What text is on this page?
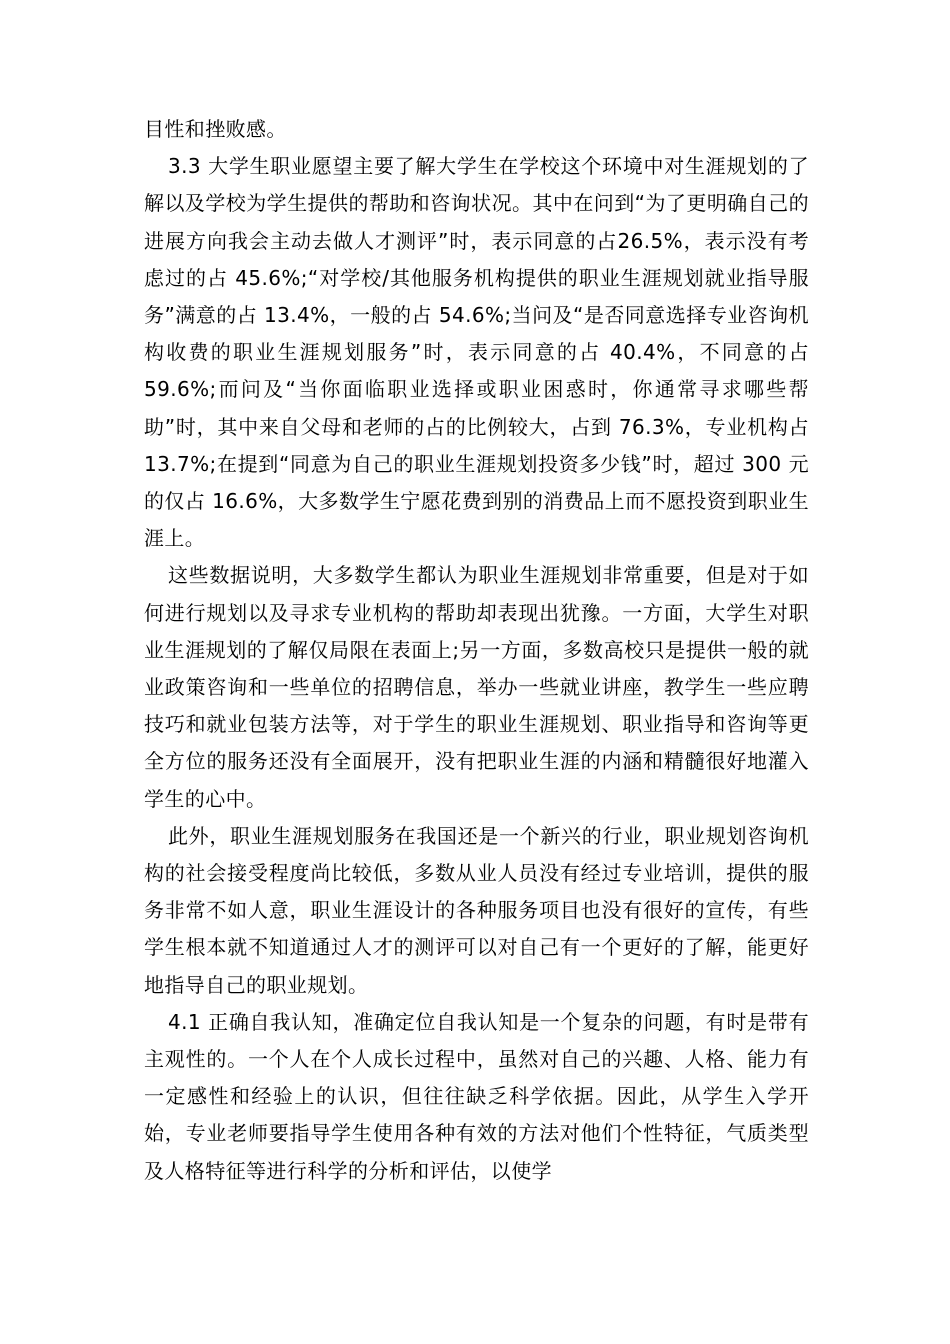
目性和挫败感。

3.3 大学生职业愿望主要了解大学生在学校这个环境中对生涯规划的了解以及学校为学生提供的帮助和咨询状况。其中在问到“为了更明确自己的进展方向我会主动去做人才测评”时，表示同意的占26.5%，表示没有考虑过的占 45.6%;“对学校/其他服务机构提供的职业生涯规划就业指导服务”满意的占 13.4%，一般的占 54.6%;当问及“是否同意选择专业咨询机构收费的职业生涯规划服务”时，表示同意的占 40.4%，不同意的占 59.6%;而问及“当你面临职业选择或职业困惑时，你通常寻求哪些帮助”时，其中来自父母和老师的占的比例较大，占到 76.3%，专业机构占 13.7%;在提到“同意为自己的职业生涯规划投资多少钱”时，超过 300 元的仅占 16.6%，大多数学生宁愿花费到别的消费品上而不愿投资到职业生涯上。

这些数据说明，大多数学生都认为职业生涯规划非常重要，但是对于如何进行规划以及寻求专业机构的帮助却表现出犹豫。一方面，大学生对职业生涯规划的了解仅局限在表面上;另一方面，多数高校只是提供一般的就业政策咨询和一些单位的招聘信息，举办一些就业讲座，教学生一些应聘技巧和就业包装方法等，对于学生的职业生涯规划、职业指导和咨询等更全方位的服务还没有全面展开，没有把职业生涯的内涵和精髓很好地灌入学生的心中。

此外，职业生涯规划服务在我国还是一个新兴的行业，职业规划咨询机构的社会接受程度尚比较低，多数从业人员没有经过专业培训，提供的服务非常不如人意，职业生涯设计的各种服务项目也没有很好的宣传，有些学生根本就不知道通过人才的测评可以对自己有一个更好的了解，能更好地指导自己的职业规划。

4.1 正确自我认知，准确定位自我认知是一个复杂的问题，有时是带有主观性的。一个人在个人成长过程中，虽然对自己的兴趣、人格、能力有一定感性和经验上的认识，但往往缺乏科学依据。因此，从学生入学开始，专业老师要指导学生使用各种有效的方法对他们个性特征，气质类型及人格特征等进行科学的分析和评估，以使学
